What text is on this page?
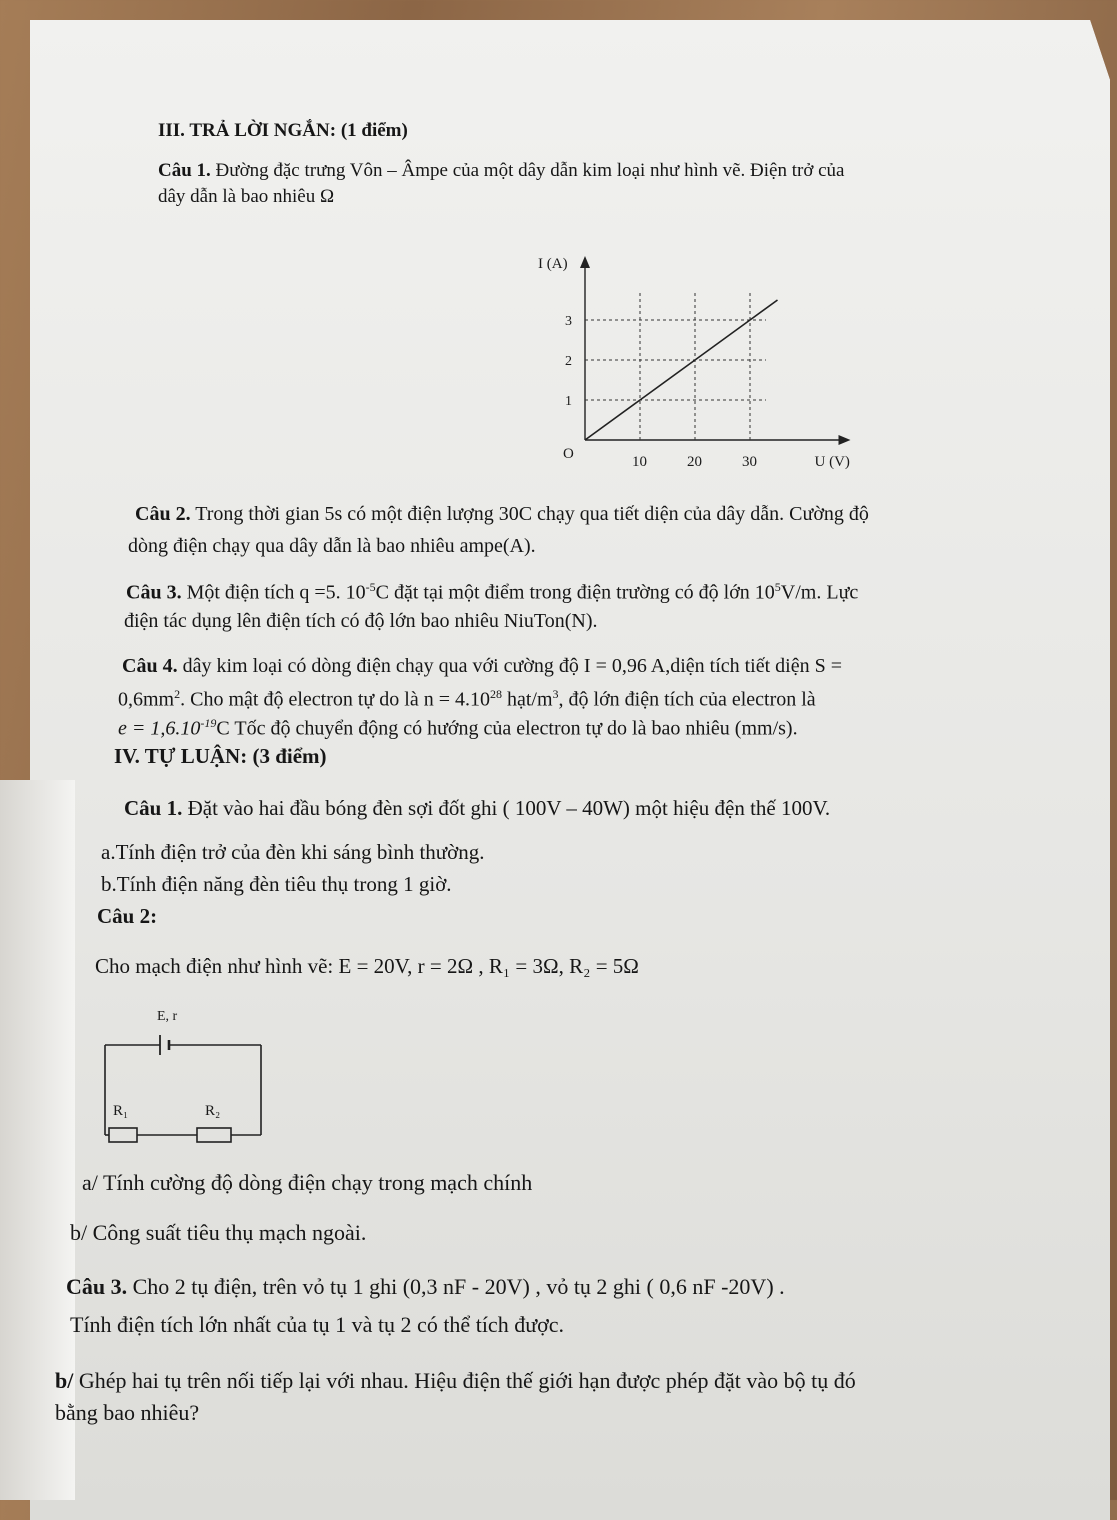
III. TRẢ LỜI NGẮN: (1 điểm)
Câu 1. Đường đặc trưng Vôn – Âmpe của một dây dẫn kim loại như hình vẽ. Điện trở của
dây dẫn là bao nhiêu Ω
10	20	30
1
2
3
O	U (V)
I (A)
Câu 2. Trong thời gian 5s có một điện lượng 30C chạy qua tiết diện của dây dẫn. Cường độ
dòng điện chạy qua dây dẫn là bao nhiêu ampe(A).
Câu 3. Một điện tích q =5. $10^{-5}C$ đặt tại một điểm trong điện trường có độ lớn $10^5V/m$. Lực
điện tác dụng lên điện tích có độ lớn bao nhiêu NiuTon(N).
Câu 4. dây kim loại có dòng điện chạy qua với cường độ I = 0,96 A,diện tích tiết diện S =
$0,6mm^2$. Cho mật độ electron tự do là $n = 4.10^{28}$ hạt/$m^3$, độ lớn điện tích của electron là
$e = 1,6.10^{-19}C$ Tốc độ chuyển động có hướng của electron tự do là bao nhiêu (mm/s).
IV. TỰ LUẬN: (3 điểm)
Câu 1. Đặt vào hai đầu bóng đèn sợi đốt ghi ( 100V – 40W) một hiệu đện thế 100V.
a.Tính điện trở của đèn khi sáng bình thường.
b.Tính điện năng đèn tiêu thụ trong 1 giờ.
Câu 2:
Cho mạch điện như hình vẽ: E = 20V, r = 2Ω , R₁ = 3Ω, R₂ = 5Ω
E, r
R₁	R₂
a/ Tính cường độ dòng điện chạy trong mạch chính
b/ Công suất tiêu thụ mạch ngoài.
Câu 3. Cho 2 tụ điện, trên vỏ tụ 1 ghi (0,3 nF - 20V) , vỏ tụ 2 ghi ( 0,6 nF -20V) .
Tính điện tích lớn nhất của tụ 1 và tụ 2 có thể tích được.
b/ Ghép hai tụ trên nối tiếp lại với nhau. Hiệu điện thế giới hạn được phép đặt vào bộ tụ đó
bằng bao nhiêu?
